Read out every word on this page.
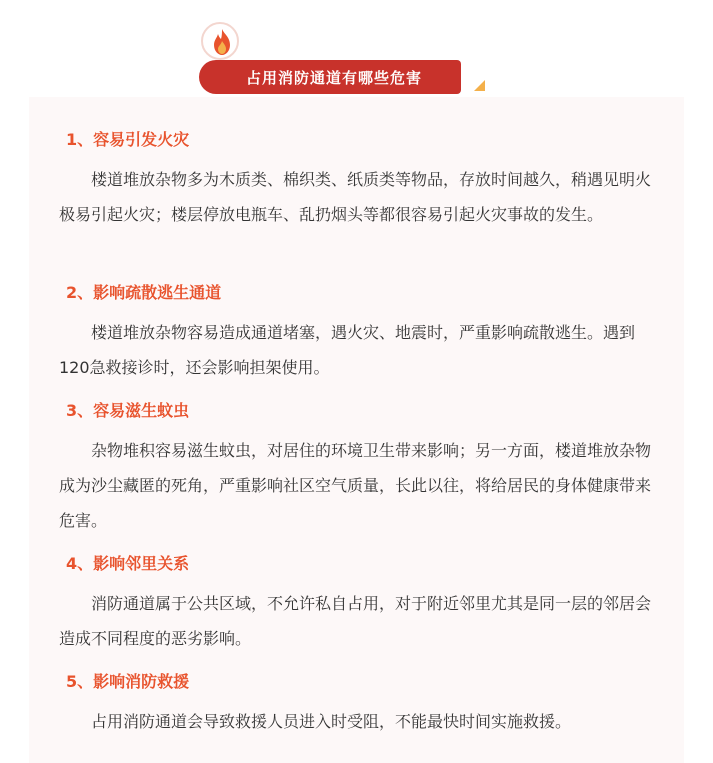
占用消防通道有哪些危害
1、容易引发火灾
楼道堆放杂物多为木质类、棉织类、纸质类等物品，存放时间越久，稍遇见明火极易引起火灾；楼层停放电瓶车、乱扔烟头等都很容易引起火灾事故的发生。
2、影响疏散逃生通道
楼道堆放杂物容易造成通道堵塞，遇火灾、地震时，严重影响疏散逃生。遇到120急救接诊时，还会影响担架使用。
3、容易滋生蚊虫
杂物堆积容易滋生蚊虫，对居住的环境卫生带来影响；另一方面，楼道堆放杂物成为沙尘藏匿的死角，严重影响社区空气质量，长此以往，将给居民的身体健康带来危害。
4、影响邻里关系
消防通道属于公共区域，不允许私自占用，对于附近邻里尤其是同一层的邻居会造成不同程度的恶劣影响。
5、影响消防救援
占用消防通道会导致救援人员进入时受阻，不能最快时间实施救援。
